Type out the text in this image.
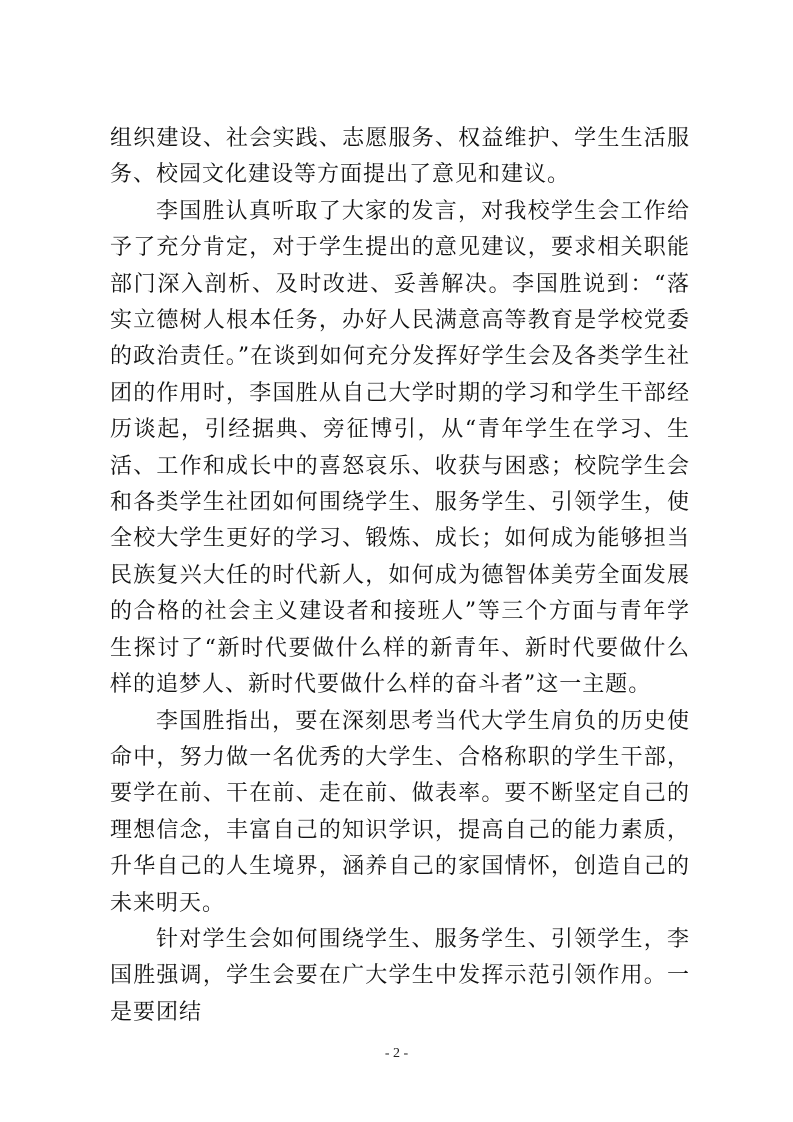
组织建设、社会实践、志愿服务、权益维护、学生生活服务、校园文化建设等方面提出了意见和建议。

李国胜认真听取了大家的发言，对我校学生会工作给予了充分肯定，对于学生提出的意见建议，要求相关职能部门深入剖析、及时改进、妥善解决。李国胜说到：“落实立德树人根本任务，办好人民满意高等教育是学校党委的政治责任。”在谈到如何充分发挥好学生会及各类学生社团的作用时，李国胜从自己大学时期的学习和学生干部经历谈起，引经据典、旁征博引，从“青年学生在学习、生活、工作和成长中的喜怒哀乐、收获与困惑；校院学生会和各类学生社团如何围绕学生、服务学生、引领学生，使全校大学生更好的学习、锻炼、成长；如何成为能够担当民族复兴大任的时代新人，如何成为德智体美劳全面发展的合格的社会主义建设者和接班人”等三个方面与青年学生探讨了“新时代要做什么样的新青年、新时代要做什么样的追梦人、新时代要做什么样的奋斗者”这一主题。

李国胜指出，要在深刻思考当代大学生肩负的历史使命中，努力做一名优秀的大学生、合格称职的学生干部，要学在前、干在前、走在前、做表率。要不断坚定自己的理想信念，丰富自己的知识学识，提高自己的能力素质，升华自己的人生境界，涵养自己的家国情怀，创造自己的未来明天。

针对学生会如何围绕学生、服务学生、引领学生，李国胜强调，学生会要在广大学生中发挥示范引领作用。一是要团结

- 2 -
